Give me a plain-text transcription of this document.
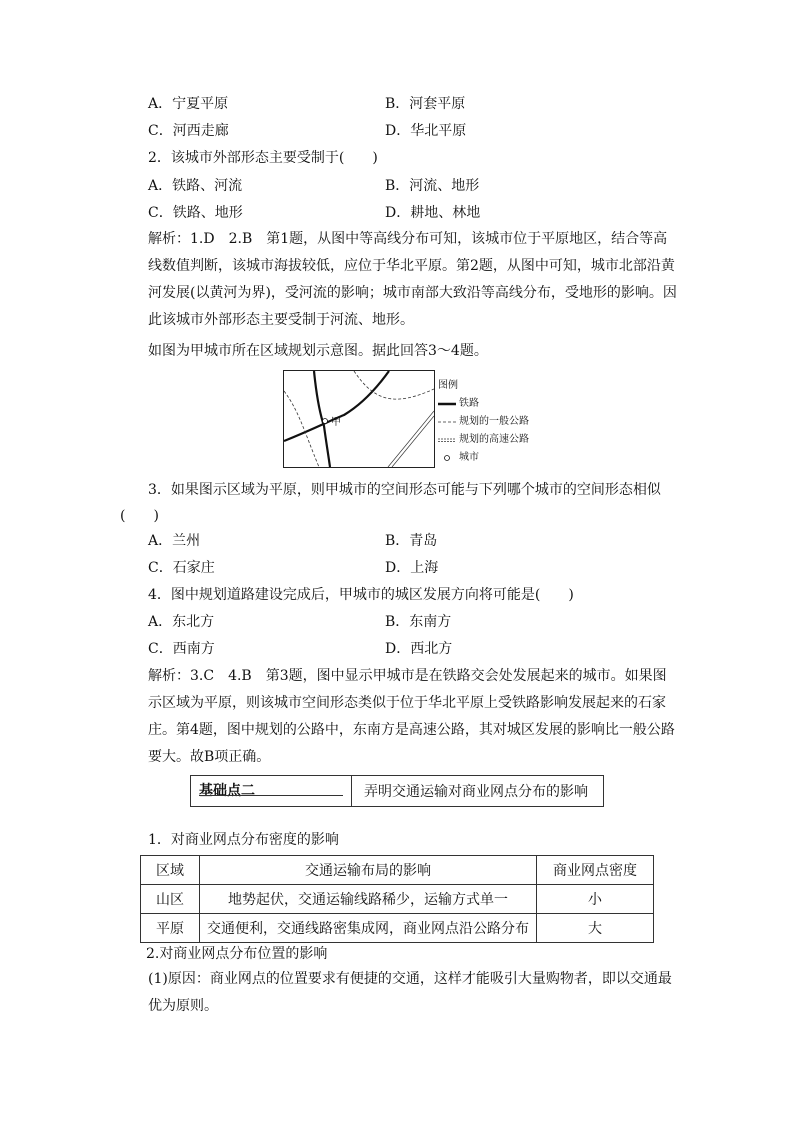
A．宁夏平原	B．河套平原
C．河西走廊	D．华北平原
2．该城市外部形态主要受制于(　　)
A．铁路、河流	B．河流、地形
C．铁路、地形	D．耕地、林地
解析：1.D　2.B　第1题，从图中等高线分布可知，该城市位于平原地区，结合等高线数值判断，该城市海拔较低，应位于华北平原。第2题，从图中可知，城市北部沿黄河发展(以黄河为界)，受河流的影响；城市南部大致沿等高线分布，受地形的影响。因此该城市外部形态主要受制于河流、地形。
如图为甲城市所在区域规划示意图。据此回答3～4题。
甲
图例
铁路
规划的一般公路
规划的高速公路
城市
3．如果图示区域为平原，则甲城市的空间形态可能与下列哪个城市的空间形态相似
(　　)
A．兰州	B．青岛
C．石家庄	D．上海
4．图中规划道路建设完成后，甲城市的城区发展方向将可能是(　　)
A．东北方	B．东南方
C．西南方	D．西北方
解析：3.C　4.B　第3题，图中显示甲城市是在铁路交会处发展起来的城市。如果图示区域为平原，则该城市空间形态类似于位于华北平原上受铁路影响发展起来的石家庄。第4题，图中规划的公路中，东南方是高速公路，其对城区发展的影响比一般公路要大。故B项正确。
基础点二	弄明交通运输对商业网点分布的影响
1．对商业网点分布密度的影响
区域	交通运输布局的影响	商业网点密度
山区	地势起伏，交通运输线路稀少，运输方式单一	小
平原	交通便利，交通线路密集成网，商业网点沿公路分布	大
2.对商业网点分布位置的影响
(1)原因：商业网点的位置要求有便捷的交通，这样才能吸引大量购物者，即以交通最优为原则。
